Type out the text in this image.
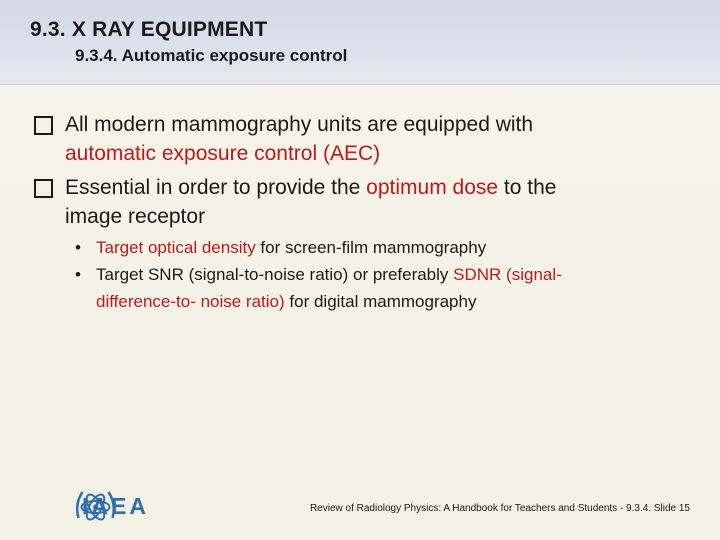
9.3. X RAY EQUIPMENT
9.3.4. Automatic exposure control
All modern mammography units are equipped with
automatic exposure control (AEC)
Essential in order to provide the optimum dose to the
image receptor
• Target optical density for screen-film mammography
• Target SNR (signal-to-noise ratio) or preferably SDNR (signal-
difference-to- noise ratio) for digital mammography
IAEA	Review of Radiology Physics: A Handbook for Teachers and Students - 9.3.4. Slide 15
